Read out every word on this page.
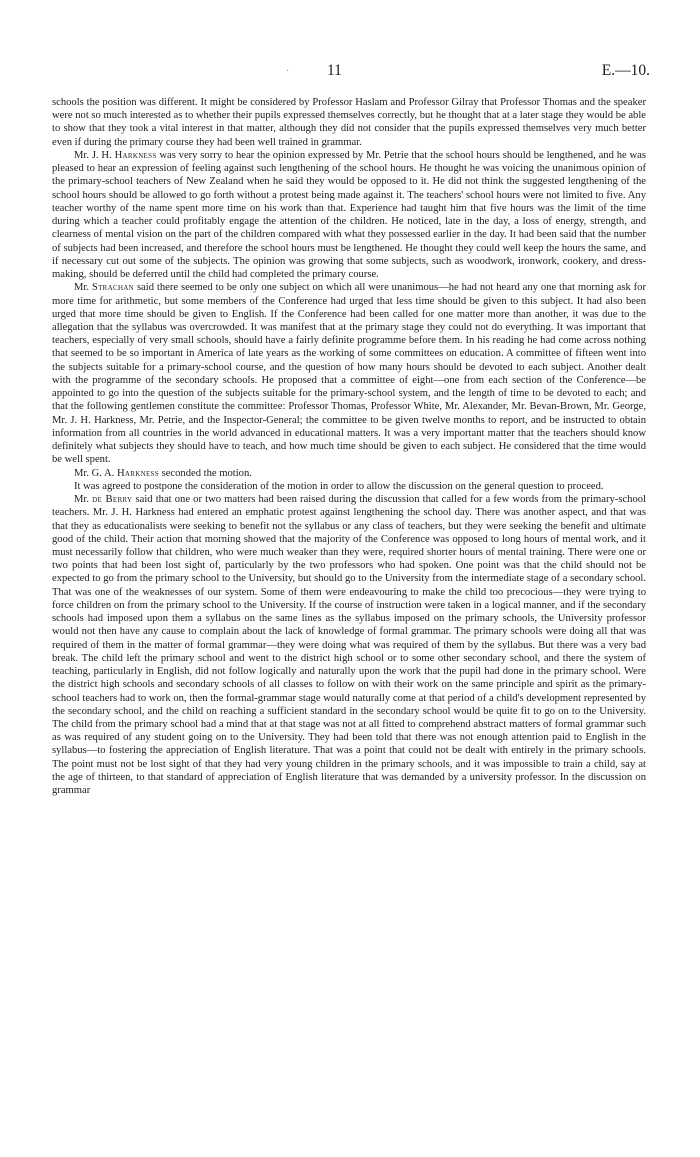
· 11	E.—10.

schools the position was different. It might be considered by Professor Haslam and Professor Gilray that Professor Thomas and the speaker were not so much interested as to whether their pupils expressed themselves correctly, but he thought that at a later stage they would be able to show that they took a vital interest in that matter, although they did not consider that the pupils expressed themselves very much better even if during the primary course they had been well trained in grammar.

Mr. J. H. Harkness was very sorry to hear the opinion expressed by Mr. Petrie that the school hours should be lengthened, and he was pleased to hear an expression of feeling against such lengthening of the school hours. He thought he was voicing the unanimous opinion of the primary-school teachers of New Zealand when he said they would be opposed to it. He did not think the suggested lengthening of the school hours should be allowed to go forth without a protest being made against it. The teachers' school hours were not limited to five. Any teacher worthy of the name spent more time on his work than that. Experience had taught him that five hours was the limit of the time during which a teacher could profitably engage the attention of the children. He noticed, late in the day, a loss of energy, strength, and clearness of mental vision on the part of the children compared with what they possessed earlier in the day. It had been said that the number of subjects had been increased, and therefore the school hours must be lengthened. He thought they could well keep the hours the same, and if necessary cut out some of the subjects. The opinion was growing that some subjects, such as woodwork, ironwork, cookery, and dress-making, should be deferred until the child had completed the primary course.

Mr. Strachan said there seemed to be only one subject on which all were unanimous—he had not heard any one that morning ask for more time for arithmetic, but some members of the Conference had urged that less time should be given to this subject. It had also been urged that more time should be given to English. If the Conference had been called for one matter more than another, it was due to the allegation that the syllabus was overcrowded. It was manifest that at the primary stage they could not do everything. It was important that teachers, especially of very small schools, should have a fairly definite programme before them. In his reading he had come across nothing that seemed to be so important in America of late years as the working of some committees on education. A committee of fifteen went into the subjects suitable for a primary-school course, and the question of how many hours should be devoted to each subject. Another dealt with the programme of the secondary schools. He proposed that a committee of eight—one from each section of the Conference—be appointed to go into the question of the subjects suitable for the primary-school system, and the length of time to be devoted to each; and that the following gentlemen constitute the committee: Professor Thomas, Professor White, Mr. Alexander, Mr. Bevan-Brown, Mr. George, Mr. J. H. Harkness, Mr. Petrie, and the Inspector-General; the committee to be given twelve months to report, and be instructed to obtain information from all countries in the world advanced in educational matters. It was a very important matter that the teachers should know definitely what subjects they should have to teach, and how much time should be given to each subject. He considered that the time would be well spent.

Mr. G. A. Harkness seconded the motion.

It was agreed to postpone the consideration of the motion in order to allow the discussion on the general question to proceed.

Mr. de Berry said that one or two matters had been raised during the discussion that called for a few words from the primary-school teachers. Mr. J. H. Harkness had entered an emphatic protest against lengthening the school day. There was another aspect, and that was that they as educationalists were seeking to benefit not the syllabus or any class of teachers, but they were seeking the benefit and ultimate good of the child. Their action that morning showed that the majority of the Conference was opposed to long hours of mental work, and it must necessarily follow that children, who were much weaker than they were, required shorter hours of mental training. There were one or two points that had been lost sight of, particularly by the two professors who had spoken. One point was that the child should not be expected to go from the primary school to the University, but should go to the University from the intermediate stage of a secondary school. That was one of the weaknesses of our system. Some of them were endeavouring to make the child too precocious—they were trying to force children on from the primary school to the University. If the course of instruction were taken in a logical manner, and if the secondary schools had imposed upon them a syllabus on the same lines as the syllabus imposed on the primary schools, the University professor would not then have any cause to complain about the lack of knowledge of formal grammar. The primary schools were doing all that was required of them in the matter of formal grammar—they were doing what was required of them by the syllabus. But there was a very bad break. The child left the primary school and went to the district high school or to some other secondary school, and there the system of teaching, particularly in English, did not follow logically and naturally upon the work that the pupil had done in the primary school. Were the district high schools and secondary schools of all classes to follow on with their work on the same principle and spirit as the primary-school teachers had to work on, then the formal-grammar stage would naturally come at that period of a child's development represented by the secondary school, and the child on reaching a sufficient standard in the secondary school would be quite fit to go on to the University. The child from the primary school had a mind that at that stage was not at all fitted to comprehend abstract matters of formal grammar such as was required of any student going on to the University. They had been told that there was not enough attention paid to English in the syllabus—to fostering the appreciation of English literature. That was a point that could not be dealt with entirely in the primary schools. The point must not be lost sight of that they had very young children in the primary schools, and it was impossible to train a child, say at the age of thirteen, to that standard of appreciation of English literature that was demanded by a university professor. In the discussion on grammar
